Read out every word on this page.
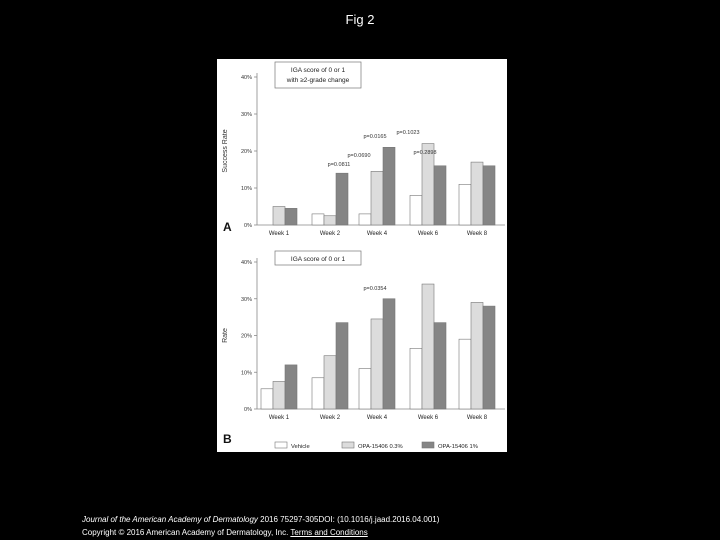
Fig 2
0%
10%
20%
30%
40%
Success Rate
Week 1	Week 2	Week 4	Week 6	Week 8
IGA score of 0 or 1
with ≥2-grade change
p=0.0811
p=0.0690
p=0.0165
p=0.1023
p=0.2898
A
0%
10%
20%
30%
40%
Rate
Week 1	Week 2	Week 4	Week 6	Week 8
IGA score of 0 or 1
p=0.0354
B
Vehicle	OPA-15406 0.3%	OPA-15406 1%
Journal of the American Academy of Dermatology 2016 75297-305DOI: (10.1016/j.jaad.2016.04.001)
Copyright © 2016 American Academy of Dermatology, Inc. Terms and Conditions
